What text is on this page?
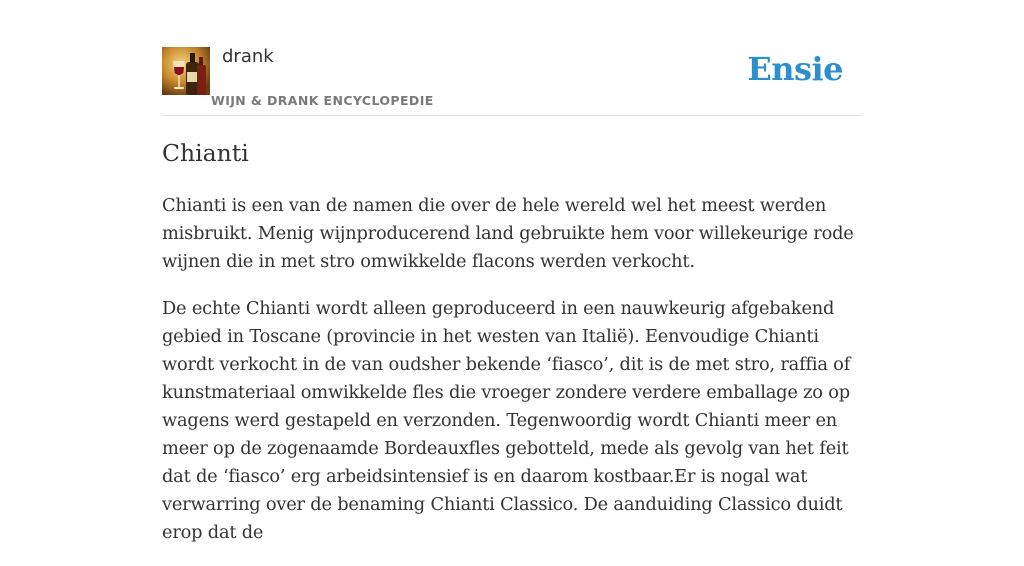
drank
WIJN & DRANK ENCYCLOPEDIE
Ensie
Chianti

Chianti is een van de namen die over de hele wereld wel het meest werden misbruikt. Menig wijnproducerend land gebruikte hem voor willekeurige rode wijnen die in met stro omwikkelde flacons werden verkocht.

De echte Chianti wordt alleen geproduceerd in een nauwkeurig afgebakend gebied in Toscane (provincie in het westen van Italië). Eenvoudige Chianti wordt verkocht in de van oudsher bekende ‘fiasco’, dit is de met stro, raffia of kunstmateriaal omwikkelde fles die vroeger zondere verdere emballage zo op wagens werd gestapeld en verzonden. Tegenwoordig wordt Chianti meer en meer op de zogenaamde Bordeauxfles gebotteld, mede als gevolg van het feit dat de ‘fiasco’ erg arbeidsintensief is en daarom kostbaar.Er is nogal wat verwarring over de benaming Chianti Classico. De aanduiding Classico duidt erop dat de
